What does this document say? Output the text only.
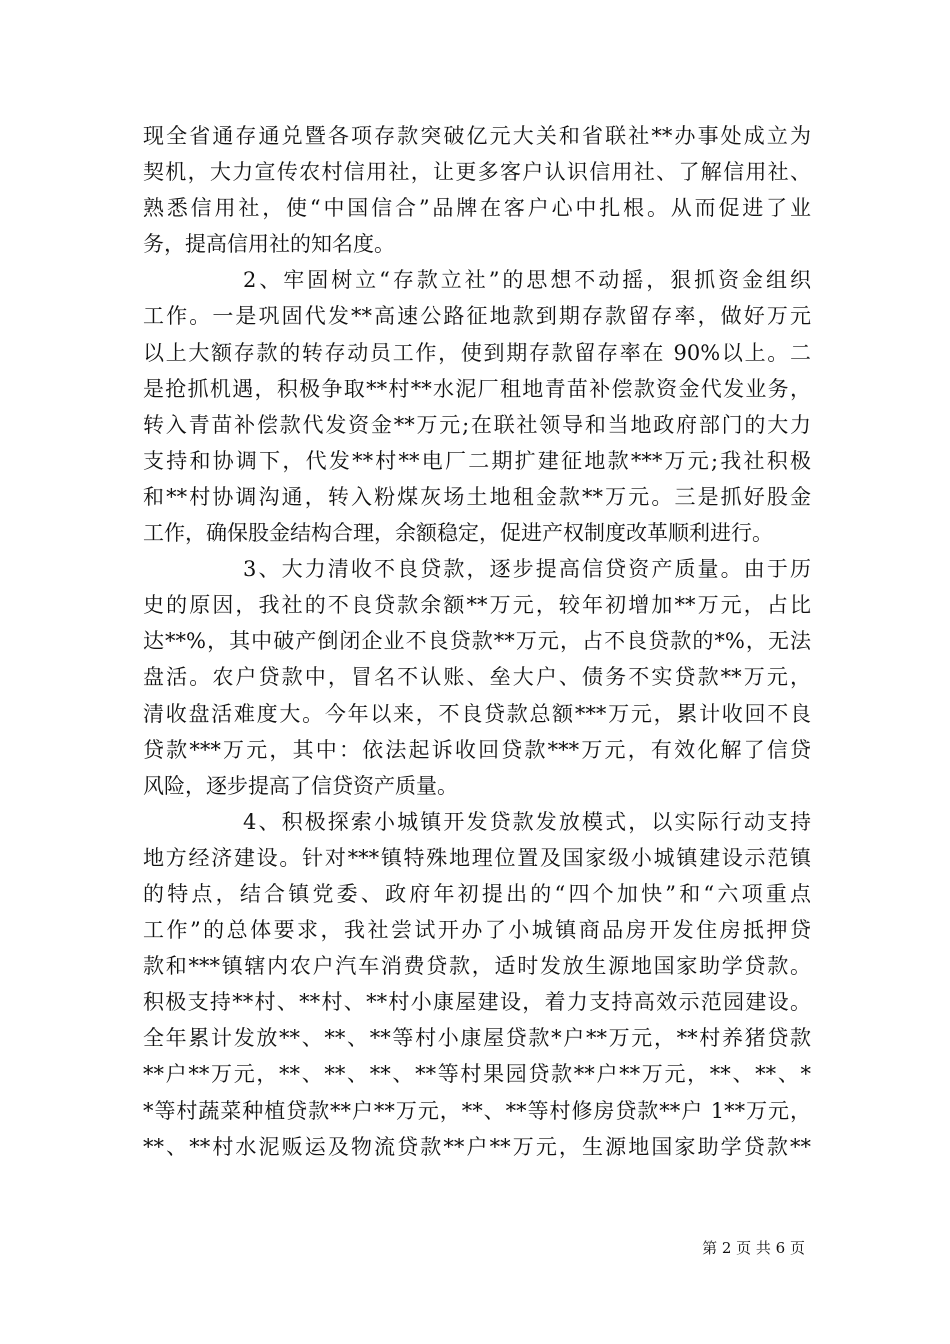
现全省通存通兑暨各项存款突破亿元大关和省联社**办事处成立为
契机，大力宣传农村信用社，让更多客户认识信用社、了解信用社、
熟悉信用社，使“中国信合”品牌在客户心中扎根。从而促进了业
务，提高信用社的知名度。
2、牢固树立“存款立社”的思想不动摇，狠抓资金组织
工作。一是巩固代发**高速公路征地款到期存款留存率，做好万元
以上大额存款的转存动员工作，使到期存款留存率在 90%以上。二
是抢抓机遇，积极争取**村**水泥厂租地青苗补偿款资金代发业务，
转入青苗补偿款代发资金**万元;在联社领导和当地政府部门的大力
支持和协调下，代发**村**电厂二期扩建征地款***万元;我社积极
和**村协调沟通，转入粉煤灰场土地租金款**万元。三是抓好股金
工作，确保股金结构合理，余额稳定，促进产权制度改革顺利进行。
3、大力清收不良贷款，逐步提高信贷资产质量。由于历
史的原因，我社的不良贷款余额**万元，较年初增加**万元，占比
达**%，其中破产倒闭企业不良贷款**万元，占不良贷款的*%，无法
盘活。农户贷款中，冒名不认账、垒大户、债务不实贷款**万元，
清收盘活难度大。今年以来，不良贷款总额***万元，累计收回不良
贷款***万元，其中：依法起诉收回贷款***万元，有效化解了信贷
风险，逐步提高了信贷资产质量。
4、积极探索小城镇开发贷款发放模式，以实际行动支持
地方经济建设。针对***镇特殊地理位置及国家级小城镇建设示范镇
的特点，结合镇党委、政府年初提出的“四个加快”和“六项重点
工作”的总体要求，我社尝试开办了小城镇商品房开发住房抵押贷
款和***镇辖内农户汽车消费贷款，适时发放生源地国家助学贷款。
积极支持**村、**村、**村小康屋建设，着力支持高效示范园建设。
全年累计发放**、**、**等村小康屋贷款*户**万元，**村养猪贷款
**户**万元，**、**、**、**等村果园贷款**户**万元，**、**、*
*等村蔬菜种植贷款**户**万元，**、**等村修房贷款**户 1**万元，
**、**村水泥贩运及物流贷款**户**万元，生源地国家助学贷款**
第 2 页 共 6 页
